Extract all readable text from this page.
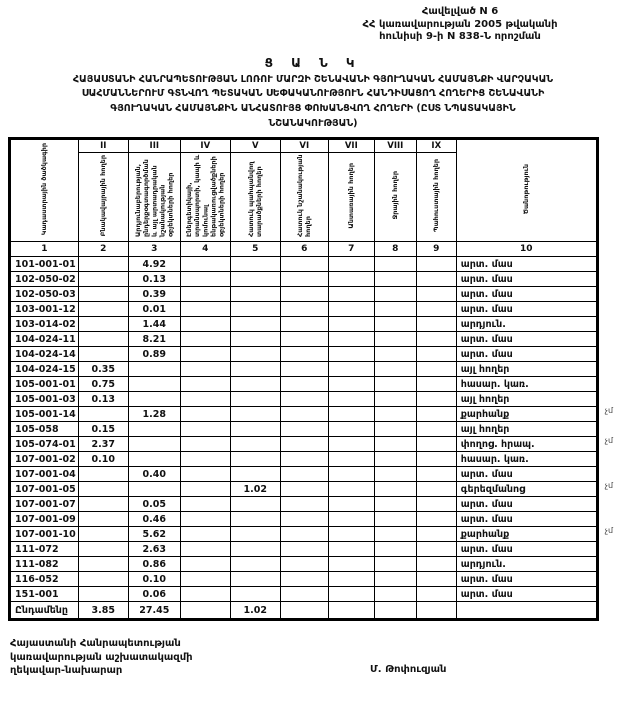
Հավելված N 6
ՀՀ կառավարության 2005 թվականի
հունիսի 9-ի N 838-Ն որոշման
Ց Ա Ն Կ
ՀԱՅԱՍՏԱՆԻ ՀԱՆՐԱՊԵՏՈՒԹՅԱՆ ԼՈՌՈՒ ՄԱՐԶԻ ՇԵՆԱՎԱՆԻ ԳՅՈՒՂԱԿԱՆ ՀԱՄԱՅՆՔԻ ՎԱՐՉԱԿԱՆ
ՍԱՀՄԱՆՆԵՐՈՒՄ ԳՏՆՎՈՂ ՊԵՏԱԿԱՆ ՍԵՓԱԿԱՆՈՒԹՅՈՒՆ ՀԱՆԴԻՍԱՑՈՂ ՀՈՂԵՐԻՑ ՇԵՆԱՎԱՆԻ
ԳՅՈՒՂԱԿԱՆ ՀԱՄԱՅՆՔԻՆ ԱՆՀԱՏՈՒՅՑ ՓՈԽԱՆՑՎՈՂ ՀՈՂԵՐԻ (ԸՍՏ ՆՊԱՏԱԿԱՅԻՆ
ՆՇԱՆԱԿՈՒԹՅԱՆ)
Կադաստրային ծածկագիր	II	III	IV	V	VI	VII	VIII	IX	Ծանոթություն
	Բնակավայրային հողեր	Արդյունաբերության, ընդերքօգտագործման և այլ արտադրական նշանակության օբյեկտների հողեր	Էներգետիկայի, տրանսպորտի, կապի և կոմունալ ենթակառուցվածքների օբյեկտների հողեր	Հատուկ պահպանվող տարածքների հողեր	Հատուկ նշանակության հողեր	Անտառային հողեր	Ջրային հողեր	Պահուստային հողեր	
1	2	3	4	5	6	7	8	9	10
101-001-01		4.92							արտ. մաս
102-050-02		0.13							արտ. մաս
102-050-03		0.39							արտ. մաս
103-001-12		0.01							արտ. մաս
103-014-02		1.44							արդյուն.
104-024-11		8.21							արտ. մաս
104-024-14		0.89							արտ. մաս
104-024-15	0.35								այլ հողեր
105-001-01	0.75								հասար. կառ.
105-001-03	0.13								այլ հողեր
105-001-14		1.28							քարհանք
105-058	0.15								այլ հողեր
105-074-01	2.37								փողոց. հրապ.
107-001-02	0.10								հասար. կառ.
107-001-04		0.40							արտ. մաս
107-001-05				1.02					գերեզմանոց
107-001-07		0.05							արտ. մաս
107-001-09		0.46							արտ. մաս
107-001-10		5.62							քարհանք
111-072		2.63							արտ. մաս
111-082		0.86							արդյուն.
116-052		0.10							արտ. մաս
151-001		0.06							արտ. մաս
Ընդամենը	3.85	27.45		1.02					
չմ
չմ
չմ
չմ
Հայաստանի Հանրապետության
կառավարության աշխատակազմի
ղեկավար-նախարար	Մ. Թոփուզյան
